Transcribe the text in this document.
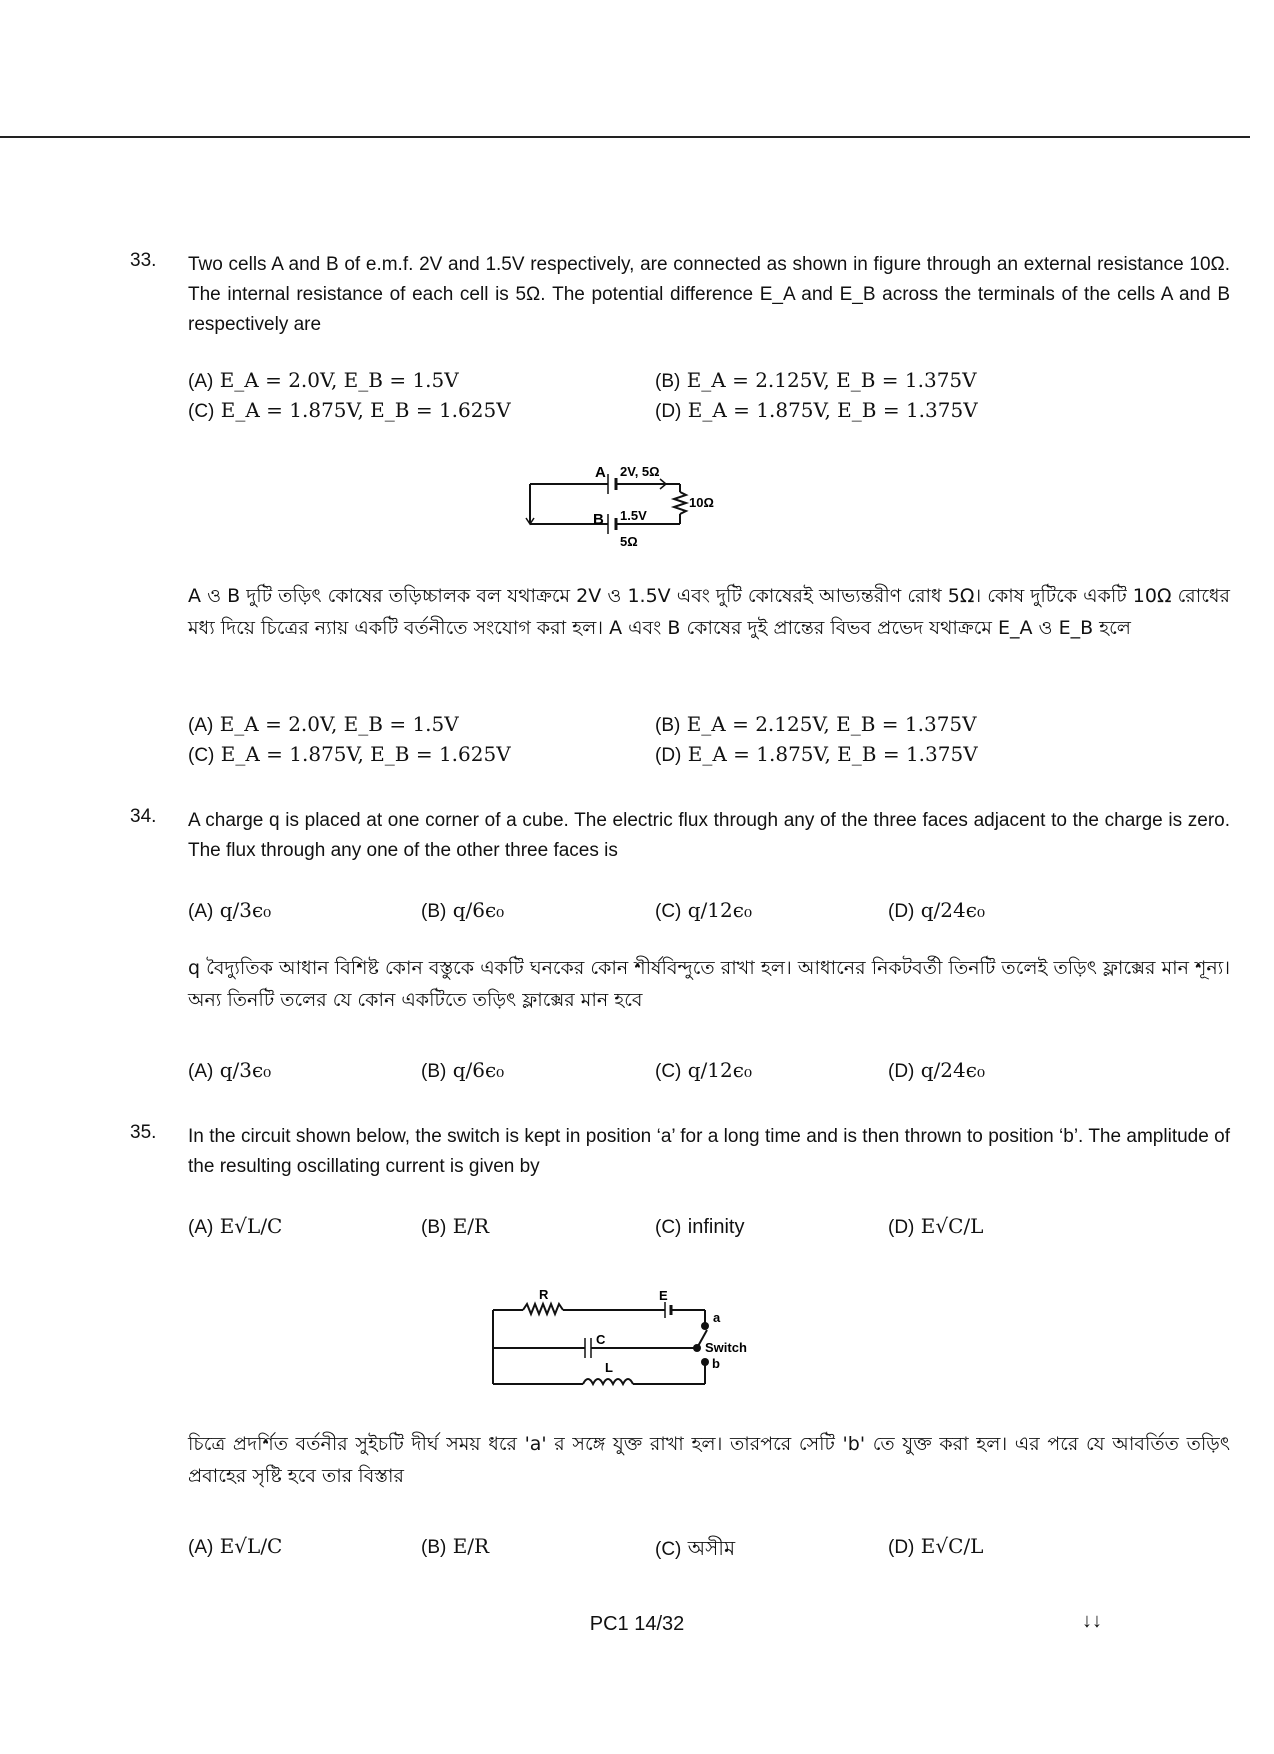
33. Two cells A and B of e.m.f. 2V and 1.5V respectively, are connected as shown in figure through an external resistance 10Ω. The internal resistance of each cell is 5Ω. The potential difference E_A and E_B across the terminals of the cells A and B respectively are
(A) E_A = 2.0V, E_B = 1.5V	(B) E_A = 2.125V, E_B = 1.375V
(C) E_A = 1.875V, E_B = 1.625V	(D) E_A = 1.875V, E_B = 1.375V
A 2V, 5Ω
B 1.5V
5Ω
10Ω
A ও B দুটি তড়িৎ কোষের তড়িচ্চালক বল যথাক্রমে 2V ও 1.5V এবং দুটি কোষেরই আভ্যন্তরীণ রোধ 5Ω। কোষ দুটিকে একটি 10Ω রোধের মধ্য দিয়ে চিত্রের ন্যায় একটি বর্তনীতে সংযোগ করা হল। A এবং B কোষের দুই প্রান্তের বিভব প্রভেদ যথাক্রমে E_A ও E_B হলে
(A) E_A = 2.0V, E_B = 1.5V	(B) E_A = 2.125V, E_B = 1.375V
(C) E_A = 1.875V, E_B = 1.625V	(D) E_A = 1.875V, E_B = 1.375V
34. A charge q is placed at one corner of a cube. The electric flux through any of the three faces adjacent to the charge is zero. The flux through any one of the other three faces is
(A) q/3ϵ₀	(B) q/6ϵ₀	(C) q/12ϵ₀	(D) q/24ϵ₀
q বৈদ্যুতিক আধান বিশিষ্ট কোন বস্তুকে একটি ঘনকের কোন শীর্ষবিন্দুতে রাখা হল। আধানের নিকটবর্তী তিনটি তলেই তড়িৎ ফ্লাক্সের মান শূন্য। অন্য তিনটি তলের যে কোন একটিতে তড়িৎ ফ্লাক্সের মান হবে
(A) q/3ϵ₀	(B) q/6ϵ₀	(C) q/12ϵ₀	(D) q/24ϵ₀
35. In the circuit shown below, the switch is kept in position ‘a’ for a long time and is then thrown to position ‘b’. The amplitude of the resulting oscillating current is given by
(A) E√L/C	(B) E/R	(C) infinity	(D) E√C/L
R	E
C
L
a
Switch
b
চিত্রে প্রদর্শিত বর্তনীর সুইচটি দীর্ঘ সময় ধরে 'a' র সঙ্গে যুক্ত রাখা হল। তারপরে সেটি 'b' তে যুক্ত করা হল। এর পরে যে আবর্তিত তড়িৎ প্রবাহের সৃষ্টি হবে তার বিস্তার
(A) E√L/C	(B) E/R	(C) অসীম	(D) E√C/L
PC1 14/32	↓↓
